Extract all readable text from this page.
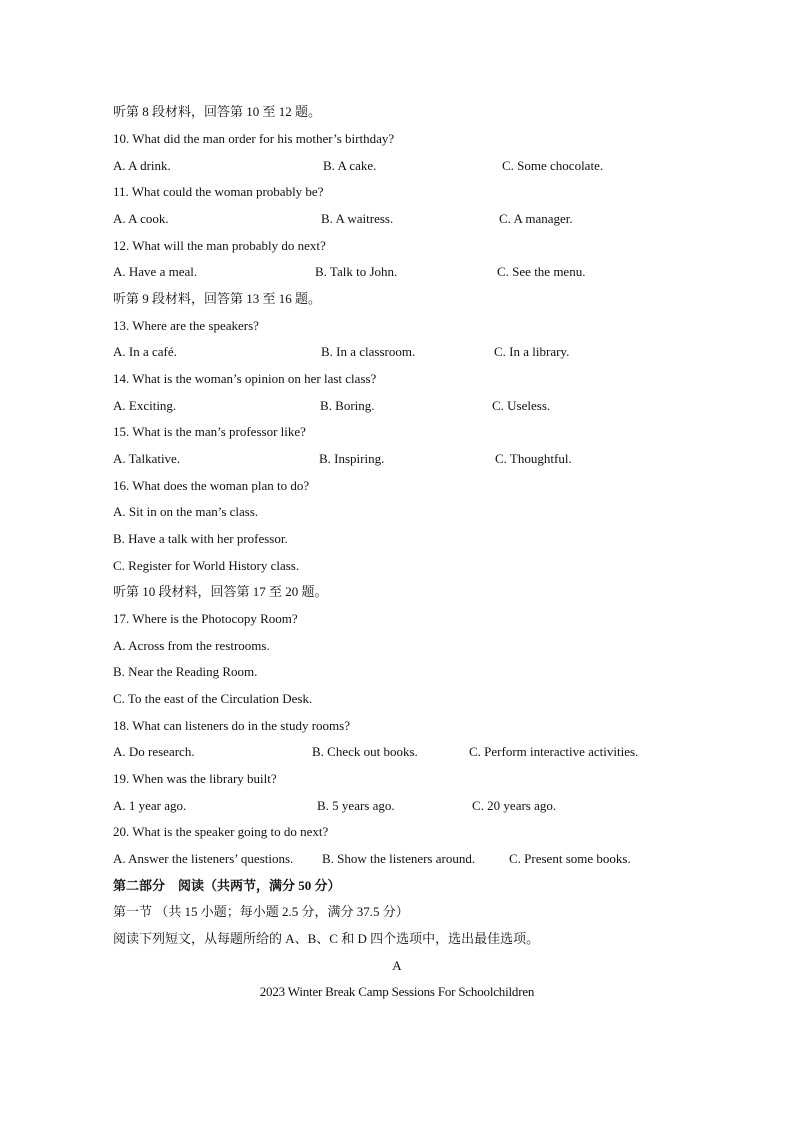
听第 8 段材料，回答第 10 至 12 题。
10. What did the man order for his mother’s birthday?
A. A drink.	B. A cake.	C. Some chocolate.
11. What could the woman probably be?
A. A cook.	B. A waitress.	C. A manager.
12. What will the man probably do next?
A. Have a meal.	B. Talk to John.	C. See the menu.
听第 9 段材料，回答第 13 至 16 题。
13. Where are the speakers?
A. In a café.	B. In a classroom.	C. In a library.
14. What is the woman’s opinion on her last class?
A. Exciting.	B. Boring.	C. Useless.
15. What is the man’s professor like?
A. Talkative.	B. Inspiring.	C. Thoughtful.
16. What does the woman plan to do?
A. Sit in on the man’s class.
B. Have a talk with her professor.
C. Register for World History class.
听第 10 段材料，回答第 17 至 20 题。
17. Where is the Photocopy Room?
A. Across from the restrooms.
B. Near the Reading Room.
C. To the east of the Circulation Desk.
18. What can listeners do in the study rooms?
A. Do research.	B. Check out books.	C. Perform interactive activities.
19. When was the library built?
A. 1 year ago.	B. 5 years ago.	C. 20 years ago.
20. What is the speaker going to do next?
A. Answer the listeners’ questions. B. Show the listeners around.	C. Present some books.
第二部分　阅读（共两节，满分 50 分）
第一节 （共 15 小题；每小题 2.5 分，满分 37.5 分）
阅读下列短文，从每题所给的 A、B、C 和 D 四个选项中，选出最佳选项。
A
2023 Winter Break Camp Sessions For Schoolchildren
